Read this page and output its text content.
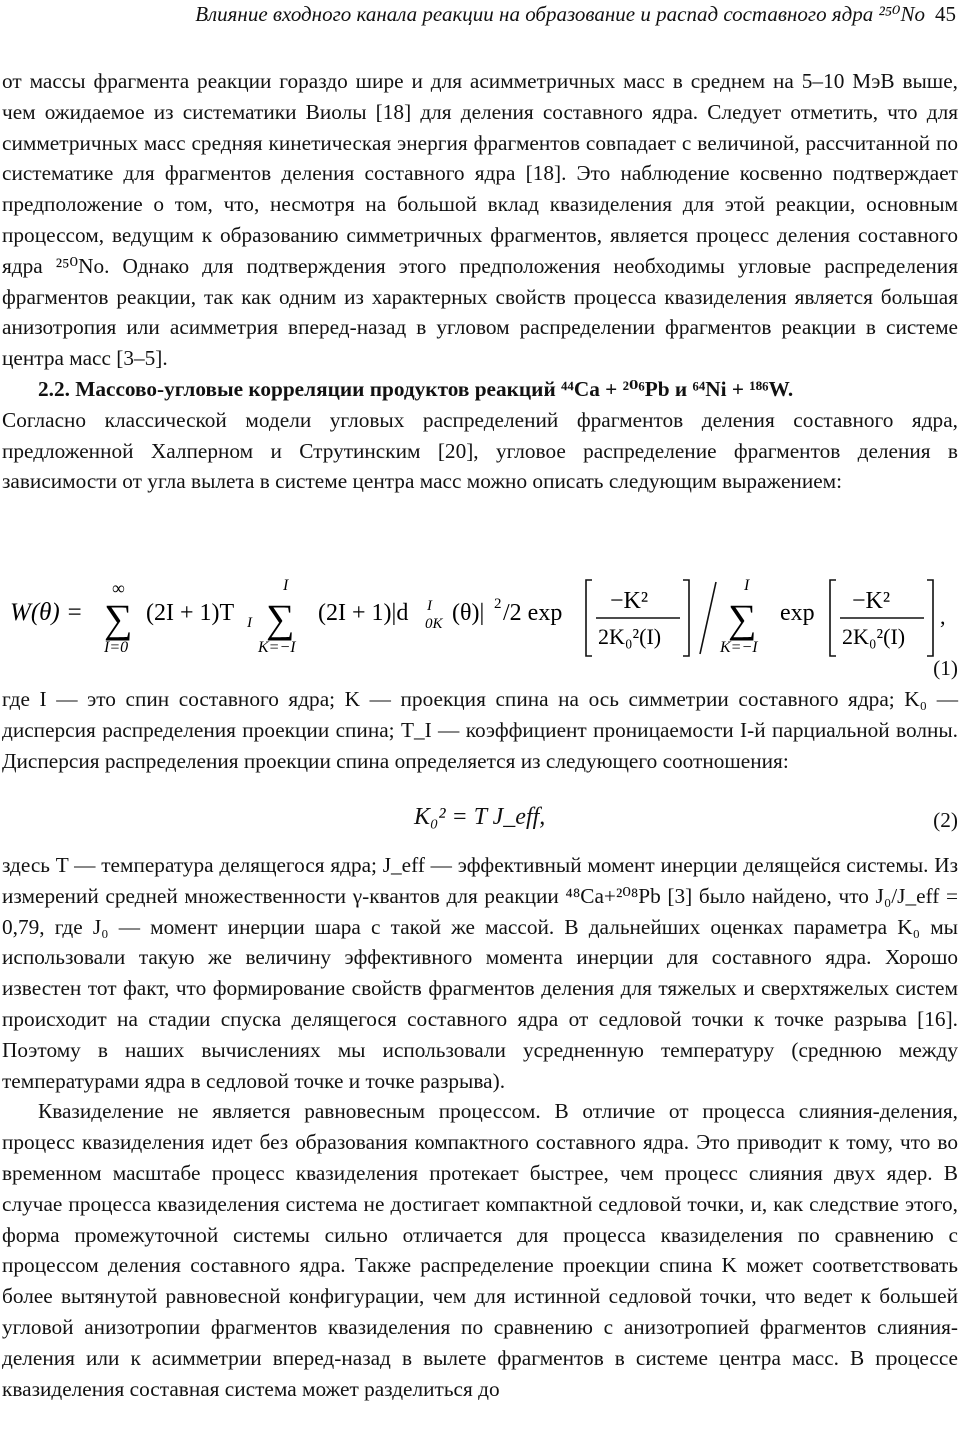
Влияние входного канала реакции на образование и распад составного ядра ²⁵⁰No 45

от массы фрагмента реакции гораздо шире и для асимметричных масс в среднем на 5–10 МэВ выше, чем ожидаемое из систематики Виолы [18] для деления составного ядра. Следует отметить, что для симметричных масс средняя кинетическая энергия фрагментов совпадает с величиной, рассчитанной по систематике для фрагментов деления составного ядра [18]. Это наблюдение косвенно подтверждает предположение о том, что, несмотря на большой вклад квазиделения для этой реакции, основным процессом, ведущим к образованию симметричных фрагментов, является процесс деления составного ядра ²⁵⁰No. Однако для подтверждения этого предположения необходимы угловые распределения фрагментов реакции, так как одним из характерных свойств процесса квазиделения является большая анизотропия или асимметрия вперед-назад в угловом распределении фрагментов реакции в системе центра масс [3–5].

2.2. Массово-угловые корреляции продуктов реакций ⁴⁴Ca + ²⁰⁶Pb и ⁶⁴Ni + ¹⁸⁶W.

Согласно классической модели угловых распределений фрагментов деления составного ядра, предложенной Халперном и Струтинским [20], угловое распределение фрагментов деления в зависимости от угла вылета в системе центра масс можно описать следующим выражением:

W(θ) =
∞
∑
I=0
(2I + 1)T I
I
∑
K=−I
(2I + 1)|d I
0K (θ)| 2 /2 exp −K²
2K₀²(I)
I
∑
K=−I
exp −K²
2K₀²(I)
,
(1)

где I — это спин составного ядра; K — проекция спина на ось симметрии составного ядра; K₀ — дисперсия распределения проекции спина; T_I — коэффициент проницаемости I-й парциальной волны. Дисперсия распределения проекции спина определяется из следующего соотношения:

K₀² = T J_eff,	(2)

здесь T — температура делящегося ядра; J_eff — эффективный момент инерции делящейся системы. Из измерений средней множественности γ-квантов для реакции ⁴⁸Ca+²⁰⁸Pb [3] было найдено, что J₀/J_eff = 0,79, где J₀ — момент инерции шара с такой же массой. В дальнейших оценках параметра K₀ мы использовали такую же величину эффективного момента инерции для составного ядра. Хорошо известен тот факт, что формирование свойств фрагментов деления для тяжелых и сверхтяжелых систем происходит на стадии спуска делящегося составного ядра от седловой точки к точке разрыва [16]. Поэтому в наших вычислениях мы использовали усредненную температуру (среднюю между температурами ядра в седловой точке и точке разрыва).

Квазиделение не является равновесным процессом. В отличие от процесса слияния-деления, процесс квазиделения идет без образования компактного составного ядра. Это приводит к тому, что во временном масштабе процесс квазиделения протекает быстрее, чем процесс слияния двух ядер. В случае процесса квазиделения система не достигает компактной седловой точки, и, как следствие этого, форма промежуточной системы сильно отличается для процесса квазиделения по сравнению с процессом деления составного ядра. Также распределение проекции спина K может соответствовать более вытянутой равновесной конфигурации, чем для истинной седловой точки, что ведет к большей угловой анизотропии фрагментов квазиделения по сравнению с анизотропией фрагментов слияния-деления или к асимметрии вперед-назад в вылете фрагментов в системе центра масс. В процессе квазиделения составная система может разделиться до
